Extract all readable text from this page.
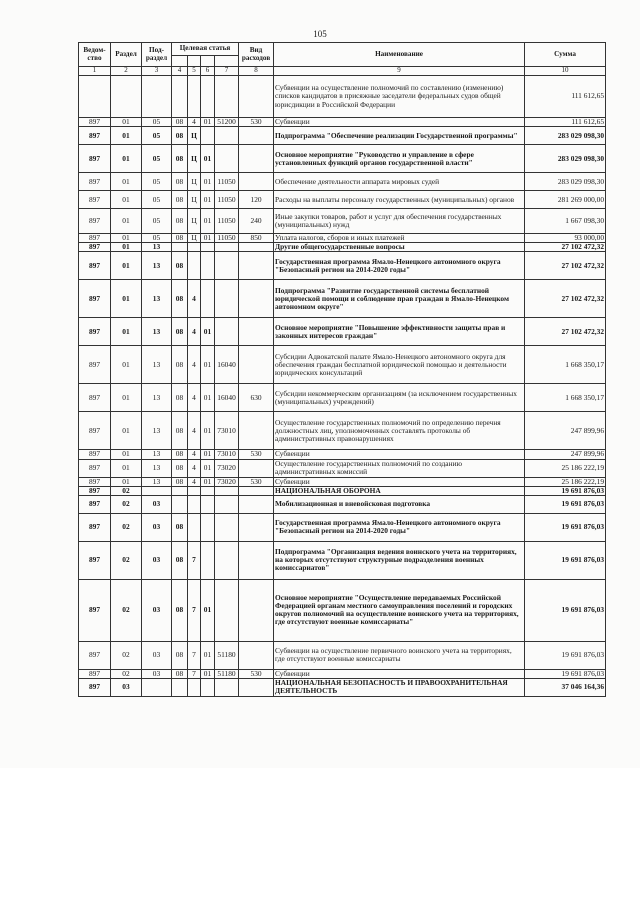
105
Ведом-ство	Раздел	Под-раздел	Целевая статья				Вид расходов	Наименование	Сумма

1	2	3	4	5	6	7	8	9	10
								Субвенции на осуществление полномочий по составлению (изменению) списков кандидатов в присяжные заседатели федеральных судов общей юрисдикции в Российской Федерации	111 612,65
897	01	05	08	4	01	51200	530	Субвенции	111 612,65
897	01	05	08	Ц				Подпрограмма "Обеспечение реализации Государственной программы"	283 029 098,30
897	01	05	08	Ц	01			Основное мероприятие "Руководство и управление в сфере установленных функций органов государственной власти"	283 029 098,30
897	01	05	08	Ц	01	11050		Обеспечение деятельности аппарата мировых судей	283 029 098,30
897	01	05	08	Ц	01	11050	120	Расходы на выплаты персоналу государственных (муниципальных) органов	281 269 000,00
897	01	05	08	Ц	01	11050	240	Иные закупки товаров, работ и услуг для обеспечения государственных (муниципальных) нужд	1 667 098,30
897	01	05	08	Ц	01	11050	850	Уплата налогов, сборов и иных платежей	93 000,00
897	01	13						Другие общегосударственные вопросы	27 102 472,32
897	01	13	08					Государственная программа Ямало-Ненецкого автономного округа "Безопасный регион на 2014-2020 годы"	27 102 472,32
897	01	13	08	4				Подпрограмма "Развитие государственной системы бесплатной юридической помощи и соблюдение прав граждан в Ямало-Ненецком автономном округе"	27 102 472,32
897	01	13	08	4	01			Основное мероприятие "Повышение эффективности защиты прав и законных интересов граждан"	27 102 472,32
897	01	13	08	4	01	16040		Субсидии Адвокатской палате Ямало-Ненецкого автономного округа для обеспечения граждан бесплатной юридической помощью и деятельности юридических консультаций	1 668 350,17
897	01	13	08	4	01	16040	630	Субсидии некоммерческим организациям (за исключением государственных (муниципальных) учреждений)	1 668 350,17
897	01	13	08	4	01	73010		Осуществление государственных полномочий по определению перечня должностных лиц, уполномоченных составлять протоколы об административных правонарушениях	247 899,96
897	01	13	08	4	01	73010	530	Субвенции	247 899,96
897	01	13	08	4	01	73020		Осуществление государственных полномочий по созданию административных комиссий	25 186 222,19
897	01	13	08	4	01	73020	530	Субвенции	25 186 222,19
897	02							НАЦИОНАЛЬНАЯ ОБОРОНА	19 691 876,03
897	02	03						Мобилизационная и вневойсковая подготовка	19 691 876,03
897	02	03	08					Государственная программа Ямало-Ненецкого автономного округа "Безопасный регион на 2014-2020 годы"	19 691 876,03
897	02	03	08	7				Подпрограмма "Организация ведения воинского учета на территориях, на которых отсутствуют структурные подразделения военных комиссариатов"	19 691 876,03
897	02	03	08	7	01			Основное мероприятие "Осуществление передаваемых Российской Федерацией органам местного самоуправления поселений и городских округов полномочий на осуществление воинского учета на территориях, где отсутствуют военные комиссариаты"	19 691 876,03
897	02	03	08	7	01	51180		Субвенции на осуществление первичного воинского учета на территориях, где отсутствуют военные комиссариаты	19 691 876,03
897	02	03	08	7	01	51180	530	Субвенции	19 691 876,03
897	03							НАЦИОНАЛЬНАЯ БЕЗОПАСНОСТЬ И ПРАВООХРАНИТЕЛЬНАЯ ДЕЯТЕЛЬНОСТЬ	37 046 164,36
